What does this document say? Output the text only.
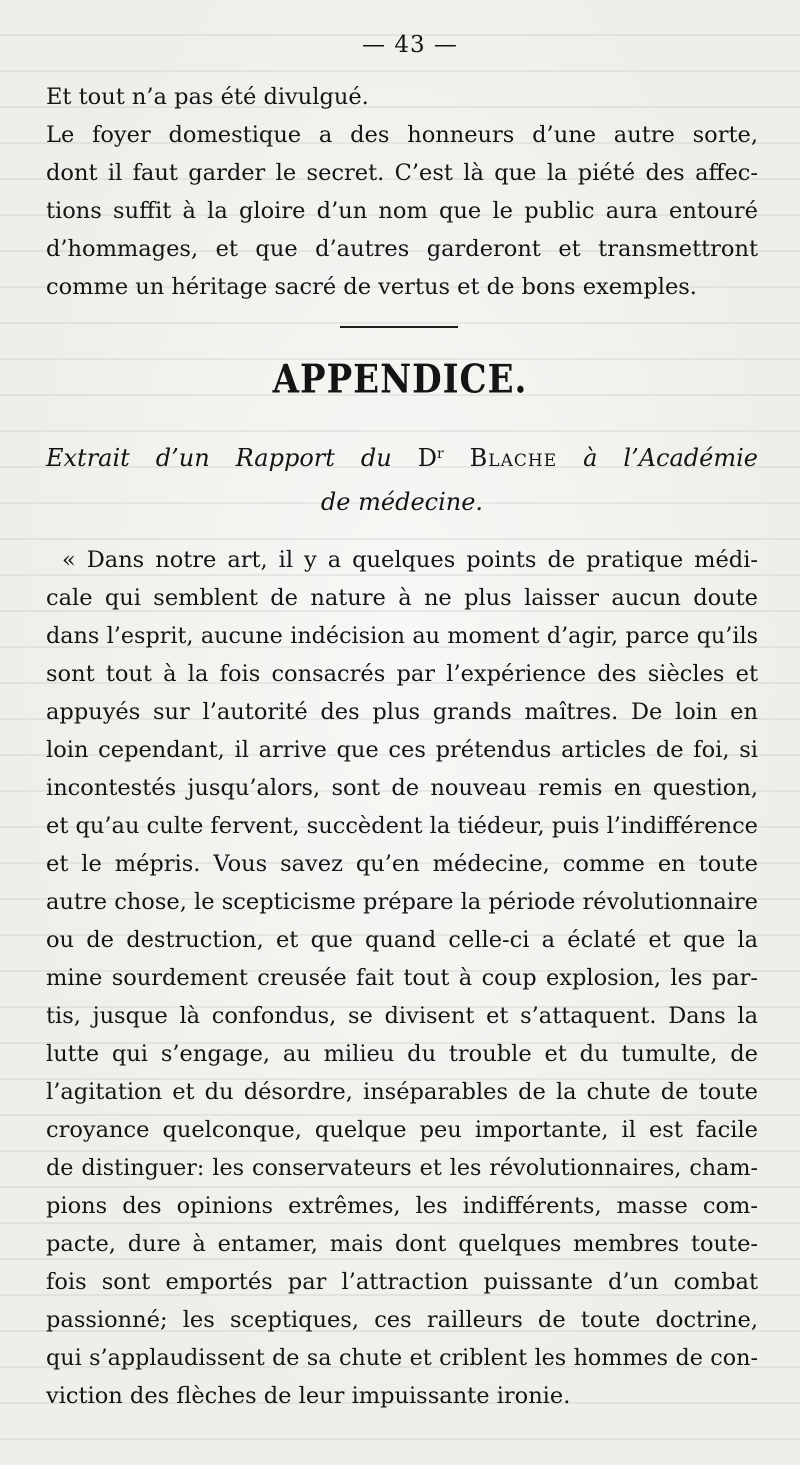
— 43 —
Et tout n’a pas été divulgué.
Le foyer domestique a des honneurs d’une autre sorte,
dont il faut garder le secret. C’est là que la piété des affec-
tions suffit à la gloire d’un nom que le public aura entouré
d’hommages, et que d’autres garderont et transmettront
comme un héritage sacré de vertus et de bons exemples.
APPENDICE.
Extrait d’un Rapport du $D^r$ Blache à l’Académie
de médecine.
« Dans notre art, il y a quelques points de pratique médi-
cale qui semblent de nature à ne plus laisser aucun doute
dans l’esprit, aucune indécision au moment d’agir, parce qu’ils
sont tout à la fois consacrés par l’expérience des siècles et
appuyés sur l’autorité des plus grands maîtres. De loin en
loin cependant, il arrive que ces prétendus articles de foi, si
incontestés jusqu’alors, sont de nouveau remis en question,
et qu’au culte fervent, succèdent la tiédeur, puis l’indifférence
et le mépris. Vous savez qu’en médecine, comme en toute
autre chose, le scepticisme prépare la période révolutionnaire
ou de destruction, et que quand celle-ci a éclaté et que la
mine sourdement creusée fait tout à coup explosion, les par-
tis, jusque là confondus, se divisent et s’attaquent. Dans la
lutte qui s’engage, au milieu du trouble et du tumulte, de
l’agitation et du désordre, inséparables de la chute de toute
croyance quelconque, quelque peu importante, il est facile
de distinguer: les conservateurs et les révolutionnaires, cham-
pions des opinions extrêmes, les indifférents, masse com-
pacte, dure à entamer, mais dont quelques membres toute-
fois sont emportés par l’attraction puissante d’un combat
passionné; les sceptiques, ces railleurs de toute doctrine,
qui s’applaudissent de sa chute et criblent les hommes de con-
viction des flèches de leur impuissante ironie.
